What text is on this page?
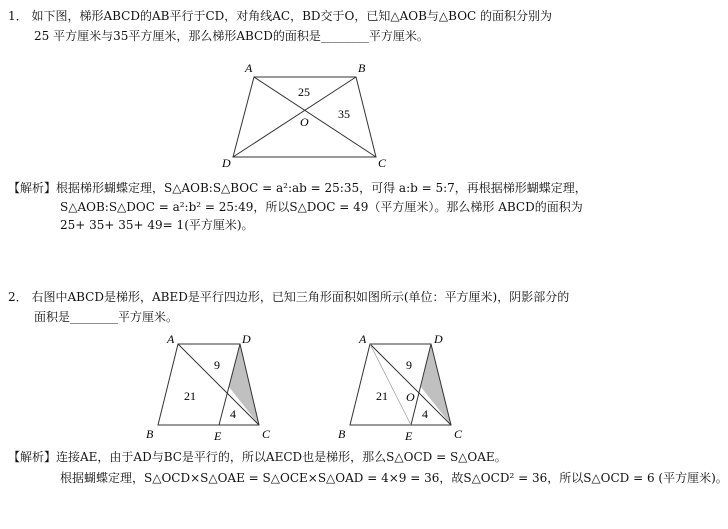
1． 如下图，梯形ABCD的AB平行于CD，对角线AC，BD交于O，已知△AOB与△BOC 的面积分别为
25 平方厘米与35平方厘米，那么梯形ABCD的面积是________平方厘米。
A	B
C
D
O
25
35
A	D
B	E	C
9
21
4
A	D
B	E	C
O
9
21
4
【解析】根据梯形蝴蝶定理，S△AOB:S△BOC = a²:ab = 25:35，可得 a:b = 5:7，再根据梯形蝴蝶定理，
S△AOB:S△DOC = a²:b² = 25:49，所以S△DOC = 49（平方厘米）。那么梯形 ABCD的面积为
25+ 35+ 35+ 49= 1(平方厘米)。
2． 右图中ABCD是梯形，ABED是平行四边形，已知三角形面积如图所示(单位：平方厘米)，阴影部分的
面积是________平方厘米。
【解析】连接AE，由于AD与BC是平行的，所以AECD也是梯形，那么S△OCD = S△OAE。
根据蝴蝶定理，S△OCD×S△OAE = S△OCE×S△OAD = 4×9 = 36，故S△OCD² = 36，所以S△OCD = 6 (平方厘米)。
